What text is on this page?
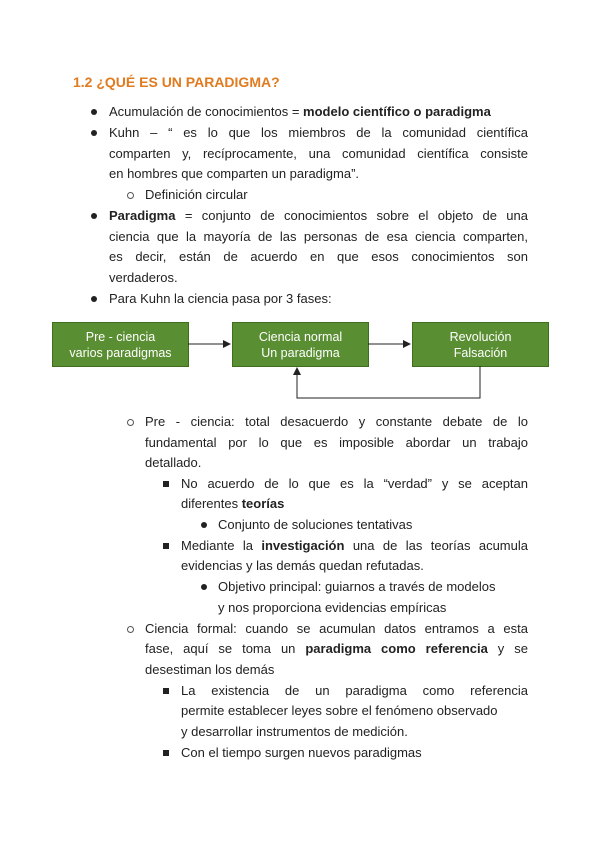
1.2 ¿QUÉ ES UN PARADIGMA?
Acumulación de conocimientos = modelo científico o paradigma
Kuhn – “ es lo que los miembros de la comunidad científica
comparten y, recíprocamente, una comunidad científica consiste
en hombres que comparten un paradigma”.
Definición circular
Paradigma = conjunto de conocimientos sobre el objeto de una
ciencia que la mayoría de las personas de esa ciencia comparten,
es decir, están de acuerdo en que esos conocimientos son
verdaderos.
Para Kuhn la ciencia pasa por 3 fases:
Pre - ciencia
varios paradigmas
Ciencia normal
Un paradigma
Revolución
Falsación
Pre - ciencia: total desacuerdo y constante debate de lo
fundamental por lo que es imposible abordar un trabajo
detallado.
No acuerdo de lo que es la “verdad” y se aceptan
diferentes teorías
Conjunto de soluciones tentativas
Mediante la investigación una de las teorías acumula
evidencias y las demás quedan refutadas.
Objetivo principal: guiarnos a través de modelos
y nos proporciona evidencias empíricas
Ciencia formal: cuando se acumulan datos entramos a esta
fase, aquí se toma un paradigma como referencia y se
desestiman los demás
La existencia de un paradigma como referencia
permite establecer leyes sobre el fenómeno observado
y desarrollar instrumentos de medición.
Con el tiempo surgen nuevos paradigmas
